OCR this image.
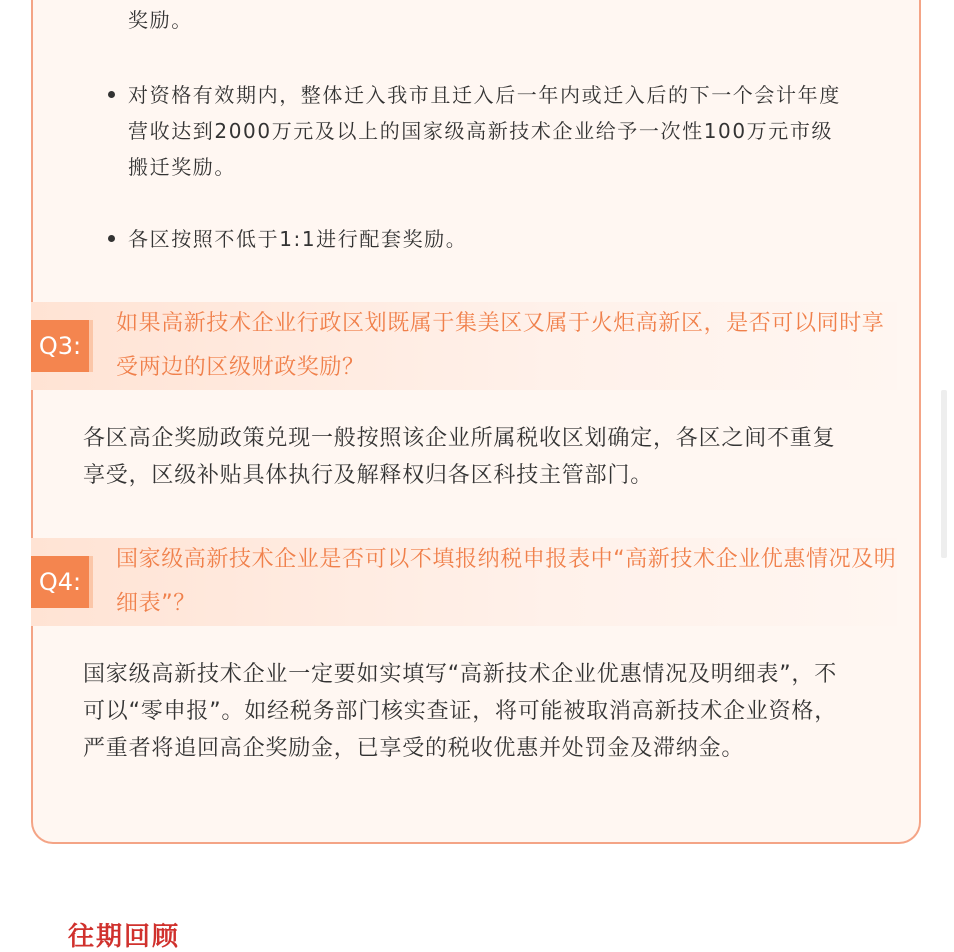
奖励。
对资格有效期内，整体迁入我市且迁入后一年内或迁入后的下一个会计年度营收达到2000万元及以上的国家级高新技术企业给予一次性100万元市级搬迁奖励。
各区按照不低于1:1进行配套奖励。
Q3:
如果高新技术企业行政区划既属于集美区又属于火炬高新区，是否可以同时享受两边的区级财政奖励？
各区高企奖励政策兑现一般按照该企业所属税收区划确定，各区之间不重复享受，区级补贴具体执行及解释权归各区科技主管部门。
Q4:
国家级高新技术企业是否可以不填报纳税申报表中“高新技术企业优惠情况及明细表”？
国家级高新技术企业一定要如实填写“高新技术企业优惠情况及明细表”，不可以“零申报”。如经税务部门核实查证，将可能被取消高新技术企业资格，严重者将追回高企奖励金，已享受的税收优惠并处罚金及滞纳金。
往期回顾
